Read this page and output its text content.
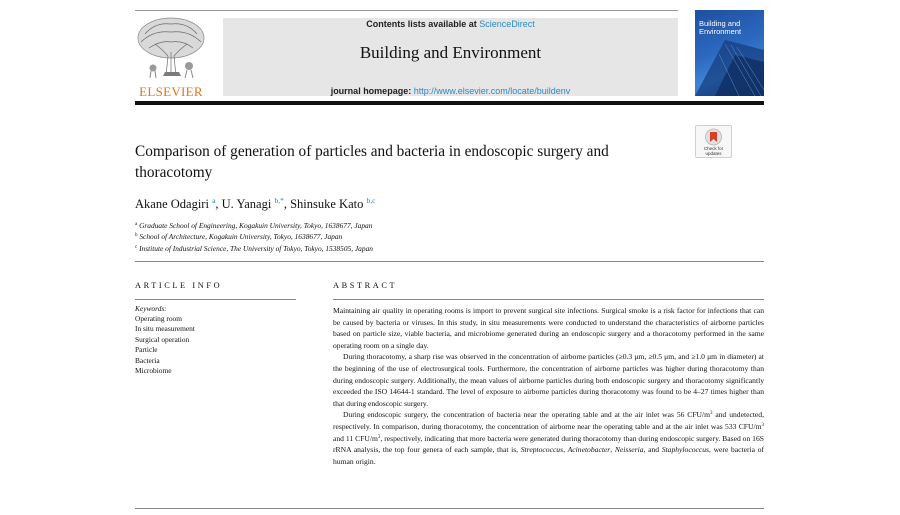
ELSEVIER
Contents lists available at ScienceDirect
Building and Environment
journal homepage: http://www.elsevier.com/locate/buildenv
Building and Environment
Check for
updates
Comparison of generation of particles and bacteria in endoscopic surgery and thoracotomy
Akane Odagiri $^a$, U. Yanagi $^{b,*}$, Shinsuke Kato $^{b,c}$
$^a$ Graduate School of Engineering, Kogakuin University, Tokyo, 1638677, Japan
$^b$ School of Architecture, Kogakuin University, Tokyo, 1638677, Japan
$^c$ Institute of Industrial Science, The University of Tokyo, Tokyo, 1538505, Japan
ARTICLE INFO
Keywords:
Operating room
In situ measurement
Surgical operation
Particle
Bacteria
Microbiome
ABSTRACT

Maintaining air quality in operating rooms is import to prevent surgical site infections. Surgical smoke is a risk factor for infections that can be caused by bacteria or viruses. In this study, in situ measurements were conducted to understand the characteristics of airborne particles based on particle size, viable bacteria, and microbiome generated during an endoscopic surgery and a thoracotomy performed in the same operating room on a single day.

During thoracotomy, a sharp rise was observed in the concentration of airborne particles (≥0.3 μm, ≥0.5 μm, and ≥1.0 μm in diameter) at the beginning of the use of electrosurgical tools. Furthermore, the concentration of airborne particles was higher during thoracotomy than during endoscopic surgery. Additionally, the mean values of airborne particles during both endoscopic surgery and thoracotomy significantly exceeded the ISO 14644-1 standard. The level of exposure to airborne particles during thoracotomy was found to be 4–27 times higher than that during endoscopic surgery.

During endoscopic surgery, the concentration of bacteria near the operating table and at the air inlet was 56 CFU/$m^3$ and undetected, respectively. In comparison, during thoracotomy, the concentration of airborne near the operating table and at the air inlet was 533 CFU/$m^3$ and 11 CFU/$m^3$, respectively, indicating that more bacteria were generated during thoracotomy than during endoscopic surgery. Based on 16S rRNA analysis, the top four genera of each sample, that is, Streptococcus, Acinetobacter, Neisseria, and Staphylococcus, were bacteria of human origin.
